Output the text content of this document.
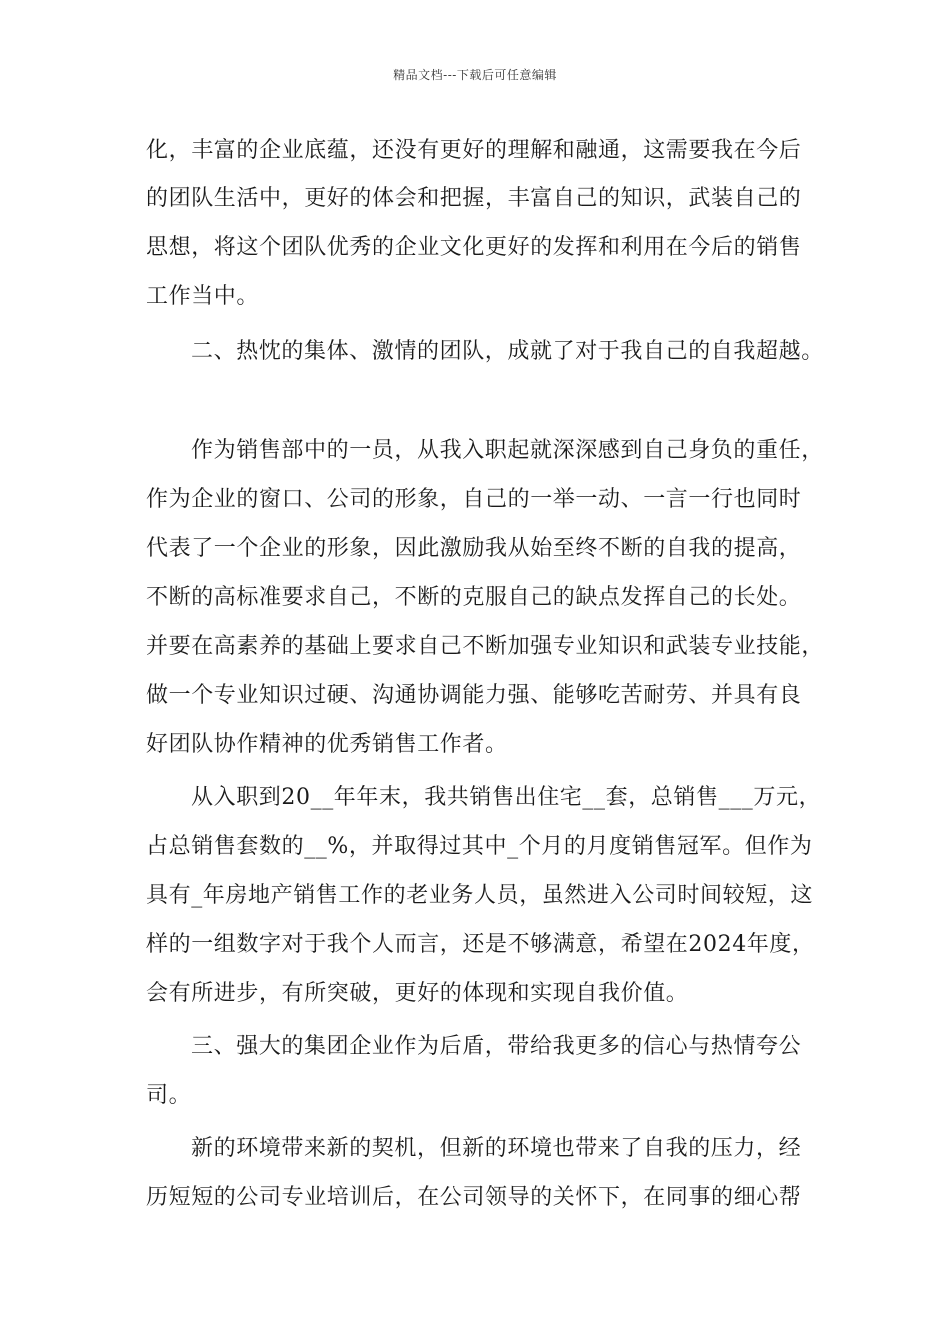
精品文档---下载后可任意编辑
化，丰富的企业底蕴，还没有更好的理解和融通，这需要我在今后
的团队生活中，更好的体会和把握，丰富自己的知识，武装自己的
思想，将这个团队优秀的企业文化更好的发挥和利用在今后的销售
工作当中。
二、热忱的集体、激情的团队，成就了对于我自己的自我超越。
作为销售部中的一员，从我入职起就深深感到自己身负的重任，
作为企业的窗口、公司的形象，自己的一举一动、一言一行也同时
代表了一个企业的形象，因此激励我从始至终不断的自我的提高，
不断的高标准要求自己，不断的克服自己的缺点发挥自己的长处。
并要在高素养的基础上要求自己不断加强专业知识和武装专业技能，
做一个专业知识过硬、沟通协调能力强、能够吃苦耐劳、并具有良
好团队协作精神的优秀销售工作者。
从入职到20__年年末，我共销售出住宅__套，总销售___万元，
占总销售套数的__%，并取得过其中_个月的月度销售冠军。但作为
具有_年房地产销售工作的老业务人员，虽然进入公司时间较短，这
样的一组数字对于我个人而言，还是不够满意，希望在2024年度，
会有所进步，有所突破，更好的体现和实现自我价值。
三、强大的集团企业作为后盾，带给我更多的信心与热情夸公
司。
新的环境带来新的契机，但新的环境也带来了自我的压力，经
历短短的公司专业培训后，在公司领导的关怀下，在同事的细心帮
